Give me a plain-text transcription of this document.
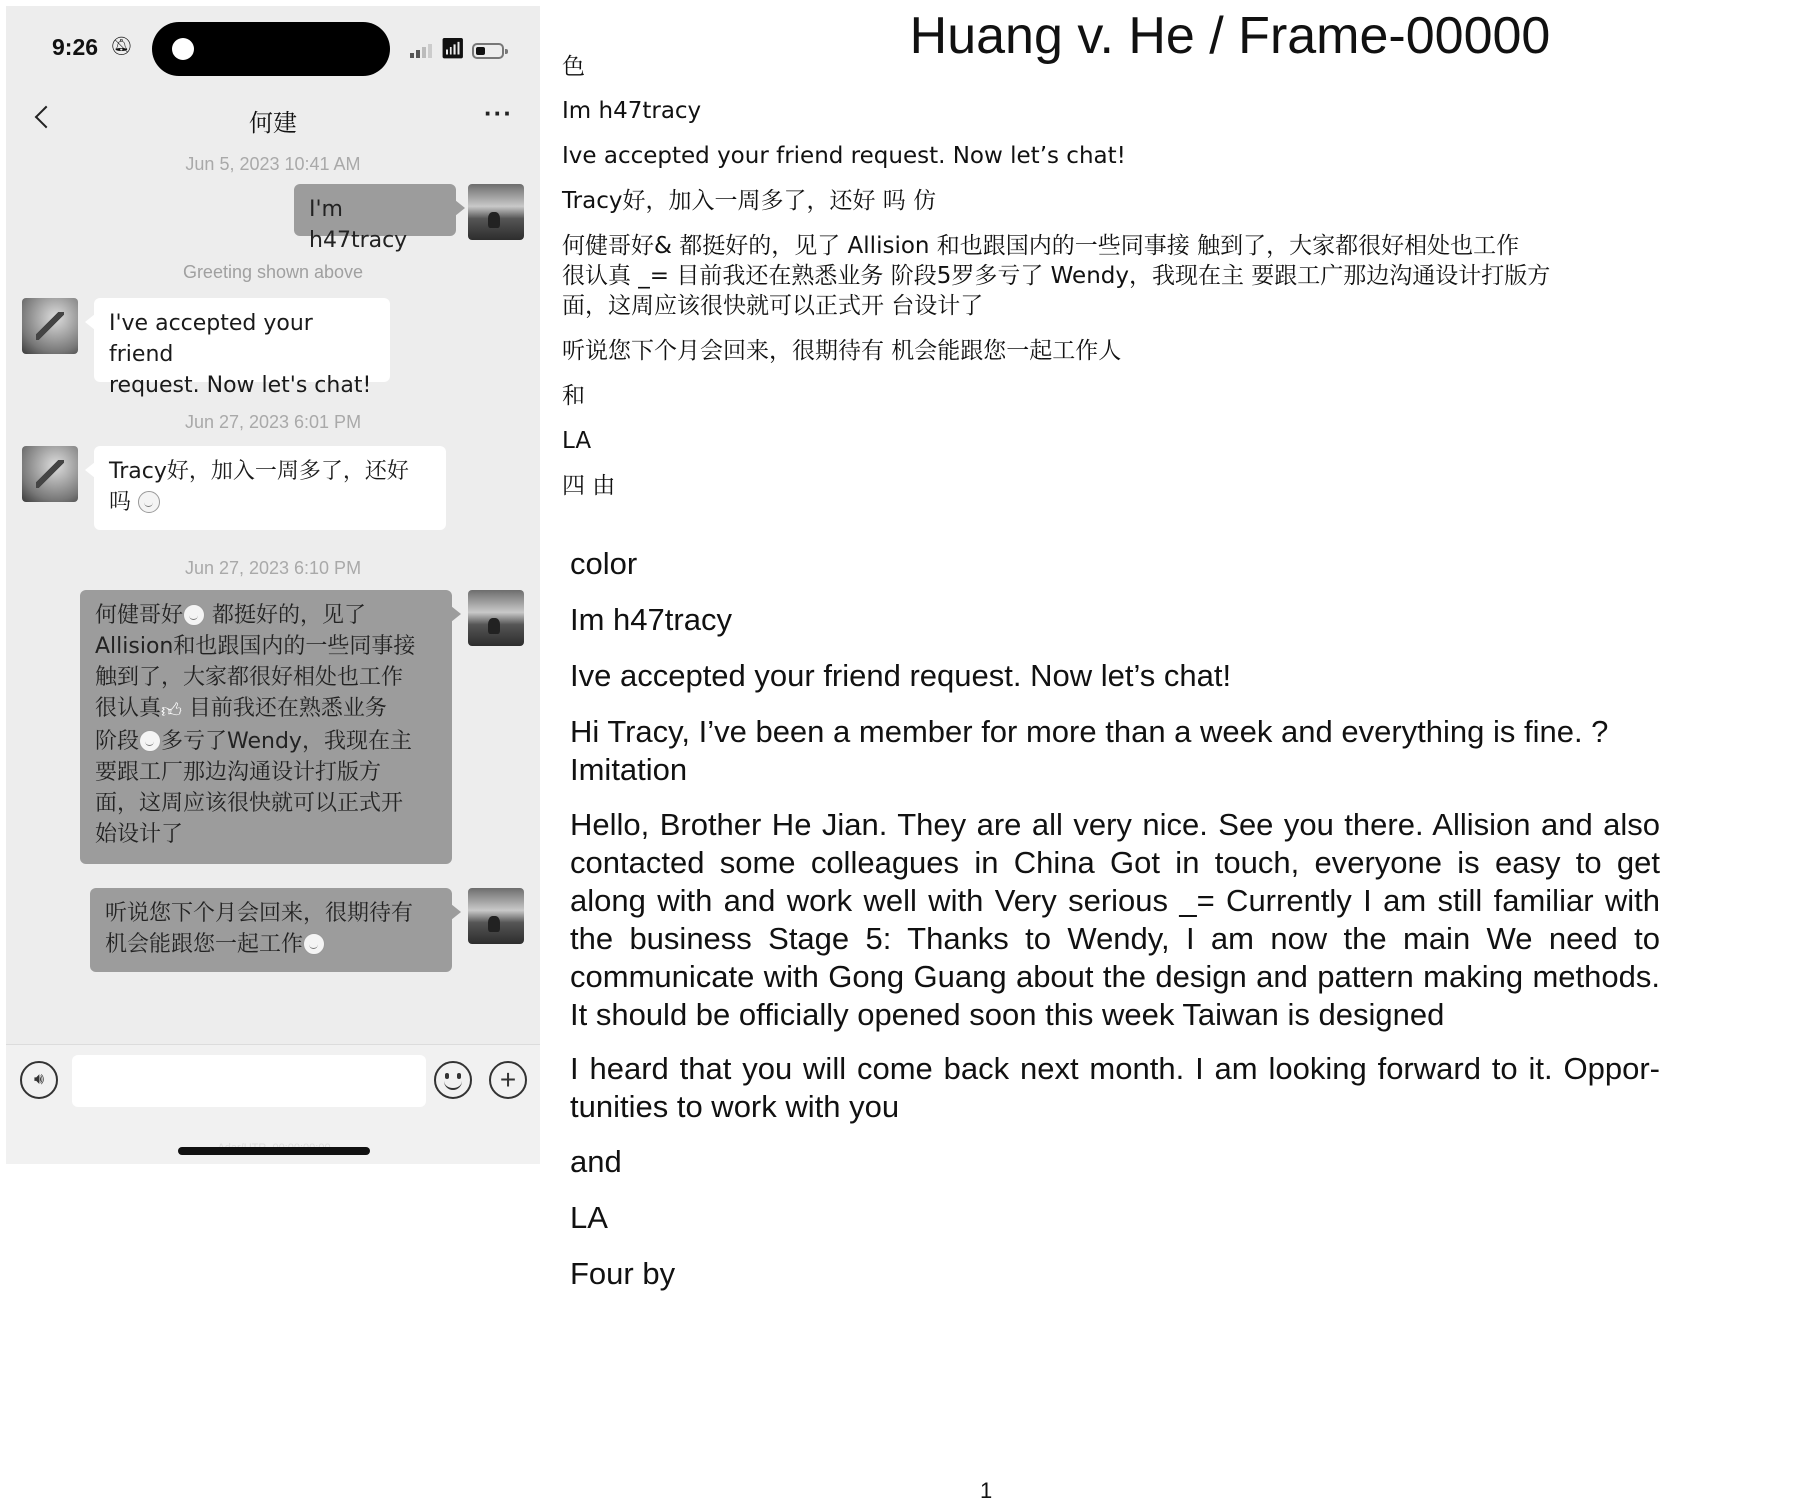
9:26 🔕︎	📶︎
何建	···
Jun 5, 2023 10:41 AM
I'm h47tracy
Greeting shown above
I've accepted your friend
request. Now let's chat!
Jun 27, 2023 6:01 PM
Tracy好，加入一周多了，还好
吗
Jun 27, 2023 6:10 PM
何健哥好 都挺好的，见了
Allision和也跟国内的一些同事接
触到了，大家都很好相处也工作
很认真👍︎ 目前我还在熟悉业务
阶段 多亏了Wendy，我现在主
要跟工厂那边沟通设计打版方
面，这周应该很快就可以正式开
始设计了
听说您下个月会回来，很期待有
机会能跟您一起工作
🔊︎	+
Huang v. He / Frame-00000
色
Im h47tracy
Ive accepted your friend request. Now let’s chat!
Tracy好，加入一周多了，还好 吗 仿
何健哥好& 都挺好的，见了 Allision 和也跟国内的一些同事接 触到了，大家都很好相处也工作
很认真 _= 目前我还在熟悉业务 阶段5罗多亏了 Wendy，我现在主 要跟工广那边沟通设计打版方
面，这周应该很快就可以正式开 台设计了
听说您下个月会回来，很期待有 机会能跟您一起工作人
和
LA
四 由
color
Im h47tracy
Ive accepted your friend request. Now let’s chat!
Hi Tracy, I’ve been a member for more than a week and everything is fine. ? Imitation
Hello, Brother He Jian. They are all very nice. See you there. Allision and also contacted some colleagues in China Got in touch, everyone is easy to get along with and work well with Very serious _= Currently I am still familiar with the business Stage 5: Thanks to Wendy, I am now the main We need to communicate with Gong Guang about the design and pattern making methods. It should be officially opened soon this week Taiwan is designed
I heard that you will come back next month. I am looking forward to it. Oppor- tunities to work with you
and
LA
Four by
1
